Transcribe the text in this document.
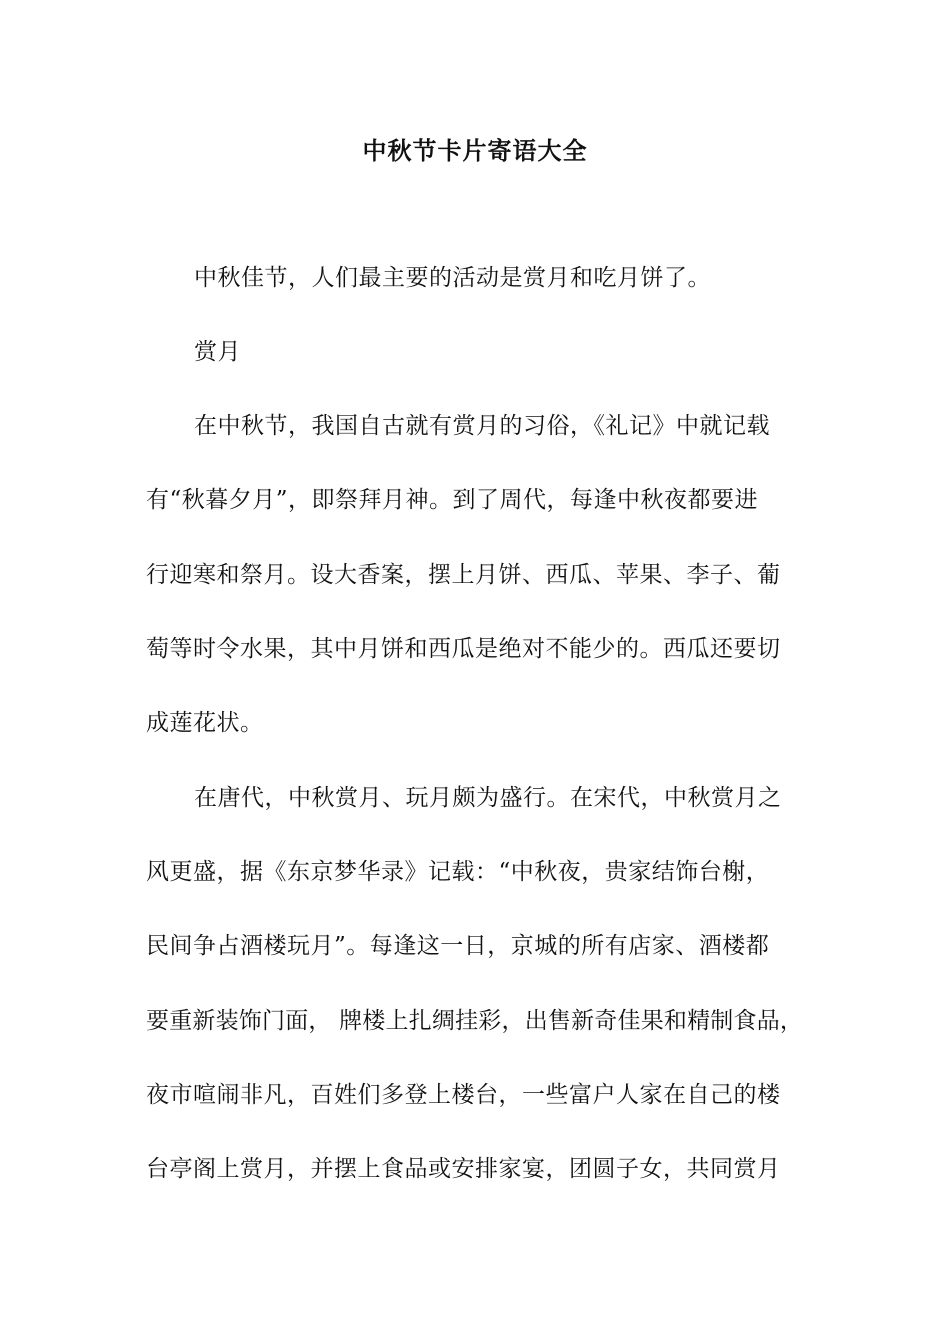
中秋节卡片寄语大全
中秋佳节，人们最主要的活动是赏月和吃月饼了。
赏月
在中秋节，我国自古就有赏月的习俗，《礼记》中就记载
有“秋暮夕月”，即祭拜月神。到了周代，每逢中秋夜都要进
行迎寒和祭月。设大香案，摆上月饼、西瓜、苹果、李子、葡
萄等时令水果，其中月饼和西瓜是绝对不能少的。西瓜还要切
成莲花状。
在唐代，中秋赏月、玩月颇为盛行。在宋代，中秋赏月之
风更盛，据《东京梦华录》记载：“中秋夜，贵家结饰台榭，
民间争占酒楼玩月”。每逢这一日，京城的所有店家、酒楼都
要重新装饰门面， 牌楼上扎绸挂彩，出售新奇佳果和精制食品，
夜市喧闹非凡，百姓们多登上楼台，一些富户人家在自己的楼
台亭阁上赏月，并摆上食品或安排家宴，团圆子女，共同赏月
